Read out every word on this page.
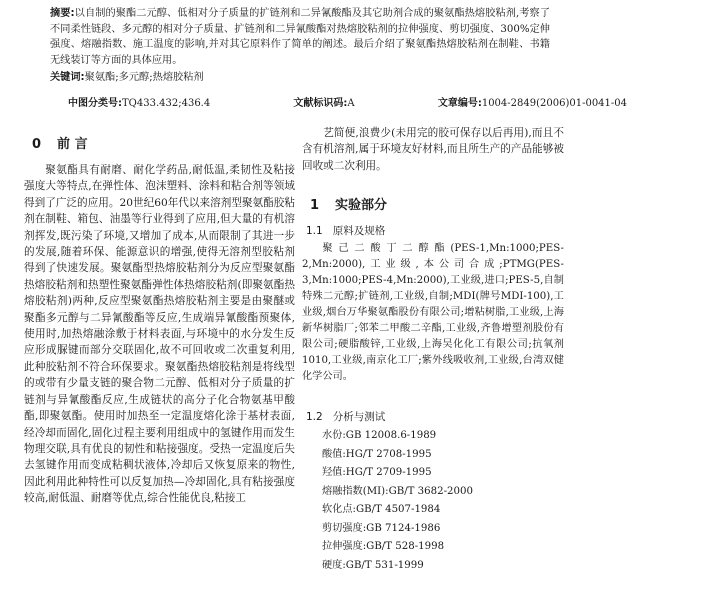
摘要:以自制的聚酯二元醇、低相对分子质量的扩链剂和二异氰酸酯及其它助剂合成的聚氨酯热熔胶粘剂,考察了不同柔性链段、多元醇的相对分子质量、扩链剂和二异氰酸酯对热熔胶粘剂的拉伸强度、剪切强度、300%定伸强度、熔融指数、施工温度的影响,并对其它原料作了简单的阐述。最后介绍了聚氨酯热熔胶粘剂在制鞋、书籍无线装订等方面的具体应用。
关键词:聚氨酯;多元醇;热熔胶粘剂
中图分类号:TQ433.432;436.4	文献标识码:A	文章编号:1004-2849(2006)01-0041-04
0 前 言

聚氨酯具有耐磨、耐化学药品,耐低温,柔韧性及粘接强度大等特点,在弹性体、泡沫塑料、涂料和粘合剂等领域得到了广泛的应用。20世纪60年代以来溶剂型聚氨酯胶粘剂在制鞋、箱包、油墨等行业得到了应用,但大量的有机溶剂挥发,既污染了环境,又增加了成本,从而限制了其进一步的发展,随着环保、能源意识的增强,使得无溶剂型胶粘剂得到了快速发展。聚氨酯型热熔胶粘剂分为反应型聚氨酯热熔胶粘剂和热塑性聚氨酯弹性体热熔胶粘剂(即聚氨酯热熔胶粘剂)两种,反应型聚氨酯热熔胶粘剂主要是由聚醚或聚酯多元醇与二异氰酸酯等反应,生成端异氰酸酯预聚体,使用时,加热熔融涂敷于材料表面,与环境中的水分发生反应形成脲键而部分交联固化,故不可回收或二次重复利用,此种胶粘剂不符合环保要求。聚氨酯热熔胶粘剂是将线型的或带有少量支链的聚合物二元醇、低相对分子质量的扩链剂与异氰酸酯反应,生成链状的高分子化合物氨基甲酸酯,即聚氨酯。使用时加热至一定温度熔化涂于基材表面,经冷却而固化,固化过程主要利用组成中的氢键作用而发生物理交联,具有优良的韧性和粘接强度。受热一定温度后失去氢键作用而变成粘稠状液体,冷却后又恢复原来的物性,因此利用此种特性可以反复加热—冷却固化,具有粘接强度较高,耐低温、耐磨等优点,综合性能优良,粘接工

艺简便,浪费少(未用完的胶可保存以后再用),而且不含有机溶剂,属于环境友好材料,而且所生产的产品能够被回收或二次利用。

1 实验部分
1.1 原料及规格

聚己二酸丁二醇酯(PES-1,Mn:1000;PES-2,Mn:2000),工业级,本公司合成;PTMG(PES-3,Mn:1000;PES-4,Mn:2000),工业级,进口;PES-5,自制特殊二元醇;扩链剂,工业级,自制;MDI(牌号MDI-100),工业级,烟台万华聚氨酯股份有限公司;增粘树脂,工业级,上海新华树脂厂;邻苯二甲酸二辛酯,工业级,齐鲁增塑剂股份有限公司;硬脂酸锌,工业级,上海吴化化工有限公司;抗氧剂1010,工业级,南京化工厂;紫外线吸收剂,工业级,台湾双健化学公司。

1.2 分析与测试
水份:GB 12008.6-1989
酸值:HG/T 2708-1995
羟值:HG/T 2709-1995
熔融指数(MI):GB/T 3682-2000
软化点:GB/T 4507-1984
剪切强度:GB 7124-1986
拉伸强度:GB/T 528-1998
硬度:GB/T 531-1999
